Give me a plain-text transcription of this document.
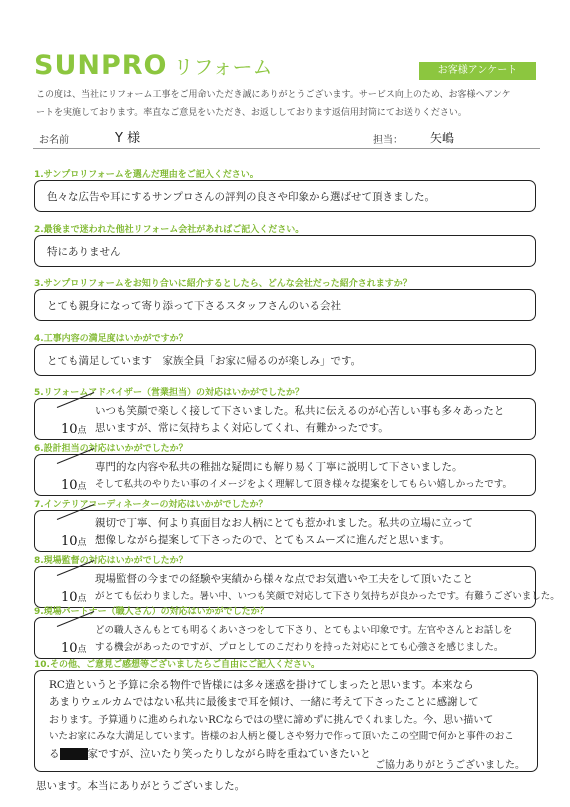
SUNPRO リフォーム	お客様アンケート
この度は、当社にリフォーム工事をご用命いただき誠にありがとうございます。サービス向上のため、お客様へアンケ
ートを実施しております。率直なご意見をいただき、お返ししております返信用封筒にてお送りください。
お名前	Y 様	担当： 矢嶋
1.サンプロリフォームを選んだ理由をご記入ください。
色々な広告や耳にするサンプロさんの評判の良さや印象から選ばせて頂きました。
2.最後まで迷われた他社リフォーム会社があればご記入ください。
特にありません
3.サンプロリフォームをお知り合いに紹介するとしたら、どんな会社だった紹介されますか？
とても親身になって寄り添って下さるスタッフさんのいる会社
4.工事内容の満足度はいかがですか？
とても満足しています　家族全員「お家に帰るのが楽しみ」です。
5.リフォームアドバイザー（営業担当）の対応はいかがでしたか？
10点
いつも笑顔で楽しく接して下さいました。私共に伝えるのが心苦しい事も多々あったと
思いますが、常に気持ちよく対応してくれ、有難かったです。
6.設計担当の対応はいかがでしたか？
10点
専門的な内容や私共の稚拙な疑問にも解り易く丁寧に説明して下さいました。
そして私共のやりたい事のイメージをよく理解して頂き様々な提案をしてもらい嬉しかったです。
7.インテリアコーディネーターの対応はいかがでしたか？
10点
親切で丁寧、何より真面目なお人柄にとても惹かれました。私共の立場に立って
想像しながら提案して下さったので、とてもスムーズに進んだと思います。
8.現場監督の対応はいかがでしたか？
10点
現場監督の今までの経験や実績から様々な点でお気遣いや工夫をして頂いたこと
がとても伝わりました。暑い中、いつも笑顔で対応して下さり気持ちが良かったです。有難うございました。
9.現場パートナー（職人さん）の対応はいかがでしたか？
10点
どの職人さんもとても明るくあいさつをして下さり、とてもよい印象です。左官やさんとお話しを
する機会があったのですが、プロとしてのこだわりを持った対応にとても心強さを感じました。
10.その他、ご意見ご感想等ございましたらご自由にご記入ください。
RC造というと予算に余る物件で皆様には多々迷惑を掛けてしまったと思います。本来なら
あまりウェルカムではない私共に最後まで耳を傾け、一緒に考えて下さったことに感謝して
おります。予算通りに進められないRCならではの壁に諦めずに挑んでくれました。今、思い描いて
いたお家にみな大満足しています。皆様のお人柄と優しさや努力で作って頂いたこの空間で何かと事件のおこ
る	家ですが、泣いたり笑ったりしながら時を重ねていきたいと
ご協力ありがとうございました。
思います。本当にありがとうございました。
